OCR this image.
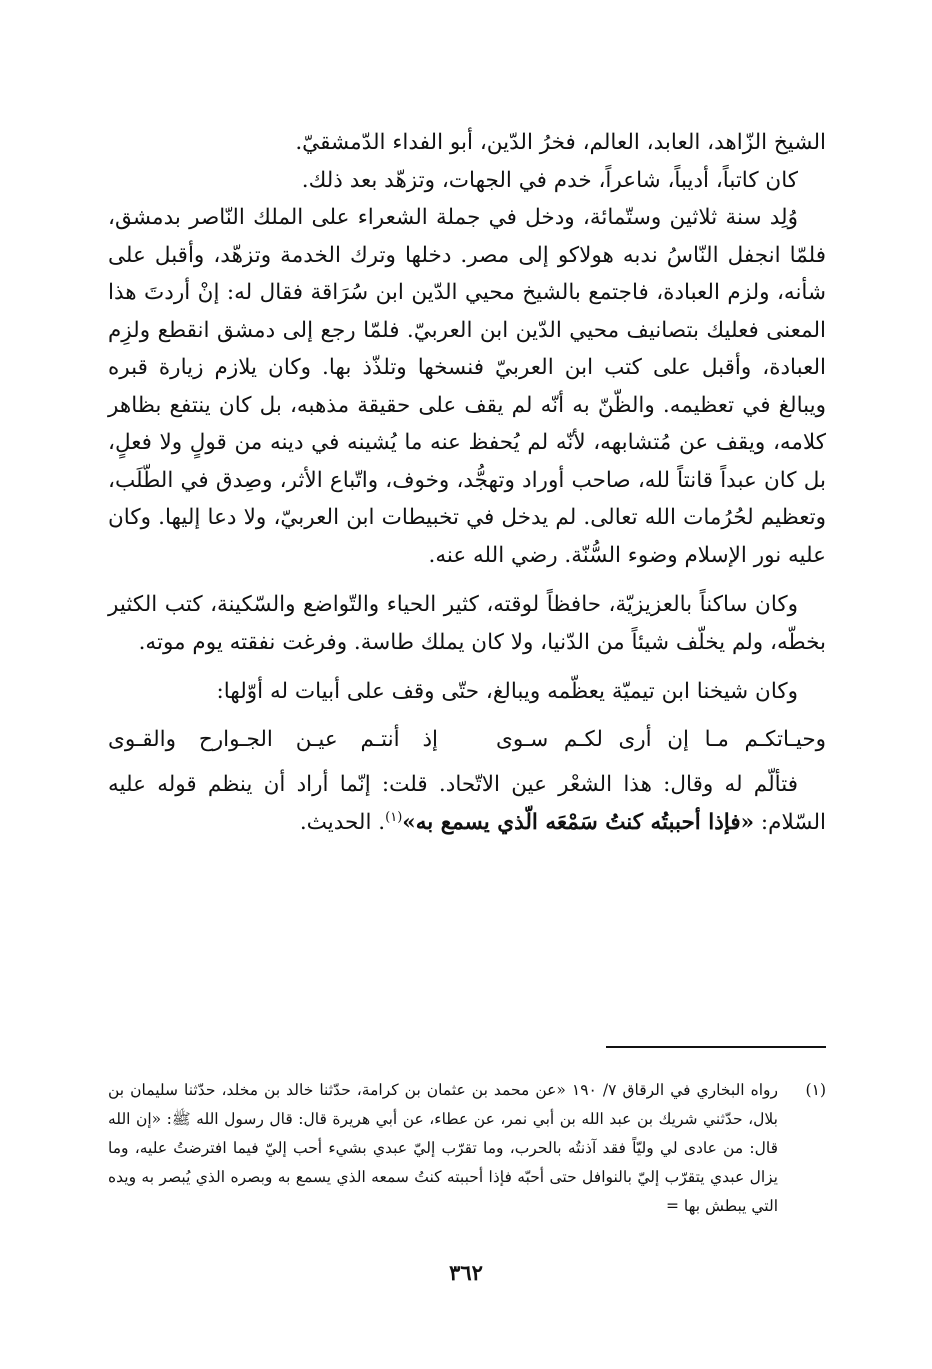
الشيخ الزّاهد، العابد، العالم، فخرُ الدّين، أبو الفداء الدّمشقيّ.

كان كاتباً، أديباً، شاعراً، خدم في الجهات، وتزهّد بعد ذلك.

وُلِد سنة ثلاثين وستّمائة، ودخل في جملة الشعراء على الملك النّاصر بدمشق، فلمّا انجفل النّاسُ ندبه هولاكو إلى مصر. دخلها وترك الخدمة وتزهّد، وأقبل على شأنه، ولزم العبادة، فاجتمع بالشيخ محيي الدّين ابن سُرَاقة فقال له: إنْ أردتَ هذا المعنى فعليك بتصانيف محيي الدّين ابن العربيّ. فلمّا رجع إلى دمشق انقطع ولزِم العبادة، وأقبل على كتب ابن العربيّ فنسخها وتلذّذ بها. وكان يلازم زيارة قبره ويبالغ في تعظيمه. والظّنّ به أنّه لم يقف على حقيقة مذهبه، بل كان ينتفع بظاهر كلامه، ويقف عن مُتشابهه، لأنّه لم يُحفظ عنه ما يُشينه في دينه من قولٍ ولا فعلٍ، بل كان عبداً قانتاً لله، صاحب أوراد وتهجُّد، وخوف، واتّباع الأثر، وصِدق في الطّلَب، وتعظيم لحُرُمات الله تعالى. لم يدخل في تخبيطات ابن العربيّ، ولا دعا إليها. وكان عليه نور الإسلام وضوء السُّنّة. رضي الله عنه.

وكان ساكناً بالعزيزيّة، حافظاً لوقته، كثير الحياء والتّواضع والسّكينة، كتب الكثير بخطّه، ولم يخلّف شيئاً من الدّنيا، ولا كان يملك طاسة. وفرغت نفقته يوم موته.

وكان شيخنا ابن تيميّة يعظّمه ويبالغ، حتّى وقف على أبيات له أوّلها:

وحيـاتكـم مـا إن أرى لكـم سـوى
إذ أنتـم عيـن الجـوارح والقـوى

فتألّم له وقال: هذا الشعْر عين الاتّحاد. قلت: إنّما أراد أن ينظم قوله عليه السّلام: «فإذا أحببتُه كنتُ سَمْعَه الّذي يسمع به»$^{(١)}$. الحديث.

(١)
رواه البخاري في الرقاق ٧/ ١٩٠ «عن محمد بن عثمان بن كرامة، حدّثنا خالد بن مخلد، حدّثنا سليمان بن بلال، حدّثني شريك بن عبد الله بن أبي نمر، عن عطاء، عن أبي هريرة قال: قال رسول الله ﷺ: «إن الله قال: من عادى لي وليّاً فقد آذنتُه بالحرب، وما تقرّب إليّ عبدي بشيء أحب إليّ فيما افترضتُ عليه، وما يزال عبدي يتقرّب إليّ بالنوافل حتى أحبّه فإذا أحببته كنتُ سمعه الذي يسمع به وبصره الذي يُبصر به ويده التي يبطش بها =
٣٦٢
